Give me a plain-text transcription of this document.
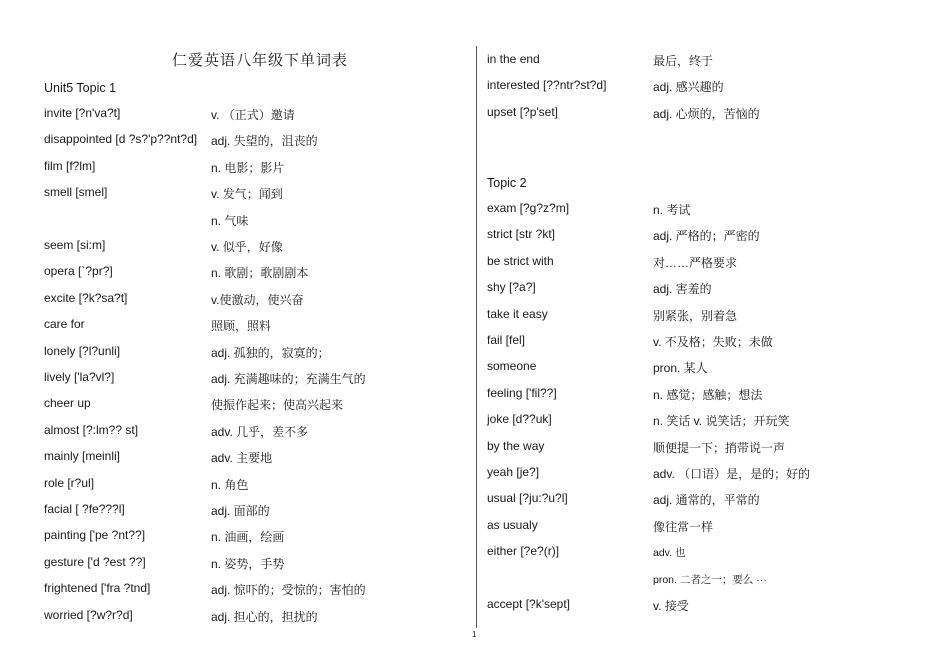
仁爱英语八年级下单词表
Unit5 Topic 1
invite [?n'va?t]	v. （正式）邀请
disappointed [d ?s?'p??nt?d] adj. 失望的，沮丧的
film [f?lm]	n. 电影；影片
smell [smel]	v. 发气；闻到
n. 气味
seem [si:m]	v. 似乎，好像
opera [`?pr?]	n. 歌剧；歌剧剧本
excite [?k?sa?t]	v.使激动，使兴奋
care for	照顾，照料
lonely [?l?unli]	adj. 孤独的，寂寞的；
lively ['la?vl?]	adj. 充满趣味的；充满生气的
cheer up	使振作起来；使高兴起来
almost [?:lm?? st]	adv. 几乎，差不多
mainly [meinli]	adv. 主要地
role [r?ul]	n. 角色
facial [ ?fe???l]	adj. 面部的
painting ['pe ?nt??]	n. 油画，绘画
gesture ['d ?est ??]	n. 姿势，手势
frightened ['fra ?tnd]	adj. 惊吓的；受惊的；害怕的
worried [?w?r?d]	adj. 担心的，担扰的
in the end	最后，终于
interested [??ntr?st?d]	adj. 感兴趣的
upset [?p'set]	adj. 心烦的，苦恼的
Topic 2
exam [?g?z?m]	n. 考试
strict [str ?kt]	adj. 严格的；严密的
be strict with	对……严格要求
shy [?a?]	adj. 害羞的
take it easy	别紧张，别着急
fail [fel]	v. 不及格；失败；未做
someone	pron. 某人
feeling ['fil??]	n. 感觉；感触；想法
joke [d??uk]	n. 笑话 v. 说笑话；开玩笑
by the way	顺便提一下；捎带说一声
yeah [je?]	adv. （口语）是，是的；好的
usual [?ju:?u?l]	adj. 通常的，平常的
as usualy	像往常一样
either [?e?(r)]	adv. 也
pron. 二者之一；要么 ···
accept [?k'sept]	v. 接受
1
